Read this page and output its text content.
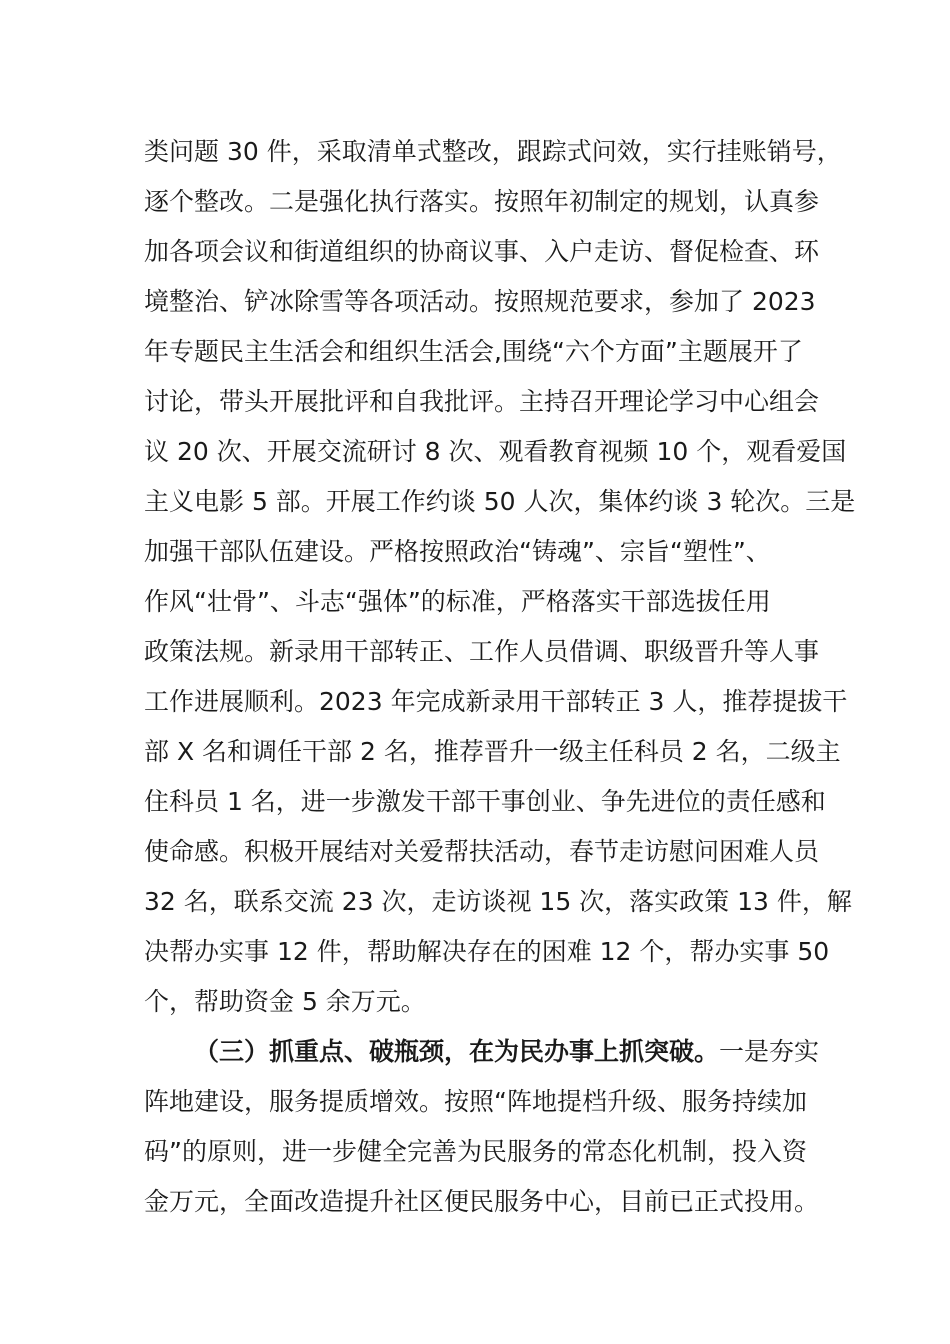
类问题 30 件，采取清单式整改，跟踪式问效，实行挂账销号，
逐个整改。二是强化执行落实。按照年初制定的规划，认真参
加各项会议和街道组织的协商议事、入户走访、督促检查、环
境整治、铲冰除雪等各项活动。按照规范要求，参加了 2023
年专题民主生活会和组织生活会,围绕“六个方面”主题展开了
讨论，带头开展批评和自我批评。主持召开理论学习中心组会
议 20 次、开展交流研讨 8 次、观看教育视频 10 个，观看爱国
主义电影 5 部。开展工作约谈 50 人次，集体约谈 3 轮次。三是
加强干部队伍建设。严格按照政治“铸魂”、宗旨“塑性”、
作风“壮骨”、斗志“强体”的标准，严格落实干部选拔任用
政策法规。新录用干部转正、工作人员借调、职级晋升等人事
工作进展顺利。2023 年完成新录用干部转正 3 人，推荐提拔干
部 X 名和调任干部 2 名，推荐晋升一级主任科员 2 名，二级主
住科员 1 名，进一步激发干部干事创业、争先进位的责任感和
使命感。积极开展结对关爱帮扶活动，春节走访慰问困难人员
32 名，联系交流 23 次，走访谈视 15 次，落实政策 13 件，解
决帮办实事 12 件，帮助解决存在的困难 12 个，帮办实事 50
个，帮助资金 5 余万元。
（三）抓重点、破瓶颈，在为民办事上抓突破。一是夯实
阵地建设，服务提质增效。按照“阵地提档升级、服务持续加
码”的原则，进一步健全完善为民服务的常态化机制，投入资
金万元，全面改造提升社区便民服务中心，目前已正式投用。
